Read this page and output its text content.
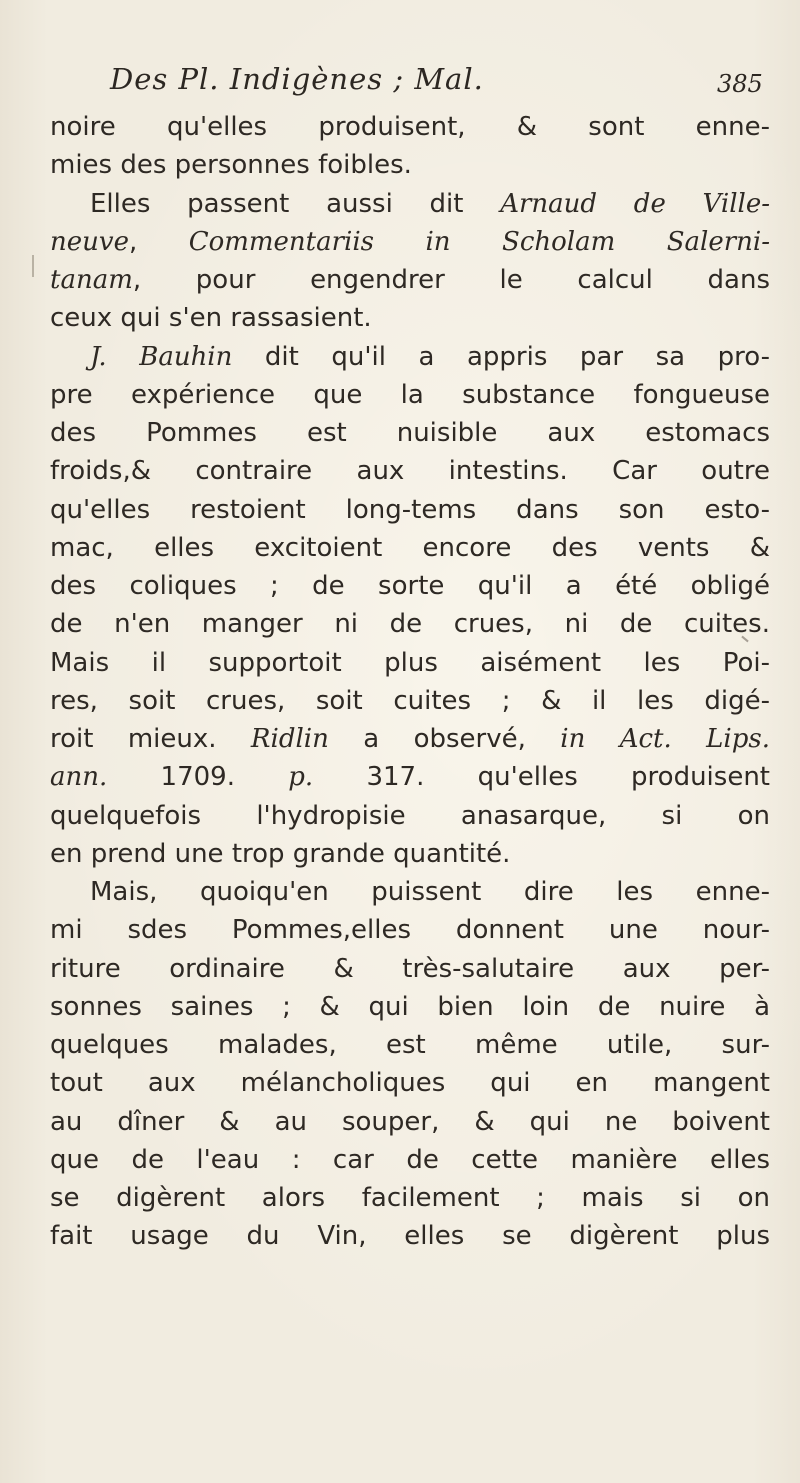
Des Pl. Indigènes ; Mal.	385
noire qu'elles produisent, & sont enne-
mies des personnes foibles.
Elles passent aussi dit Arnaud de Ville-
neuve, Commentariis in Scholam Salerni-
tanam, pour engendrer le calcul dans
ceux qui s'en rassasient.
J. Bauhin dit qu'il a appris par sa pro-
pre expérience que la substance fongueuse
des Pommes est nuisible aux estomacs
froids,& contraire aux intestins. Car outre
qu'elles restoient long-tems dans son esto-
mac, elles excitoient encore des vents &
des coliques ; de sorte qu'il a été obligé
de n'en manger ni de crues, ni de cuites.
Mais il supportoit plus aisément les Poi-
res, soit crues, soit cuites ; & il les digé-
roit mieux. Ridlin a observé, in Act. Lips.
ann. 1709. p. 317. qu'elles produisent
quelquefois l'hydropisie anasarque, si on
en prend une trop grande quantité.
Mais, quoiqu'en puissent dire les enne-
mi sdes Pommes,elles donnent une nour-
riture ordinaire & très-salutaire aux per-
sonnes saines ; & qui bien loin de nuire à
quelques malades, est même utile, sur-
tout aux mélancholiques qui en mangent
au dîner & au souper, & qui ne boivent
que de l'eau : car de cette manière elles
se digèrent alors facilement ; mais si on
fait usage du Vin, elles se digèrent plus
